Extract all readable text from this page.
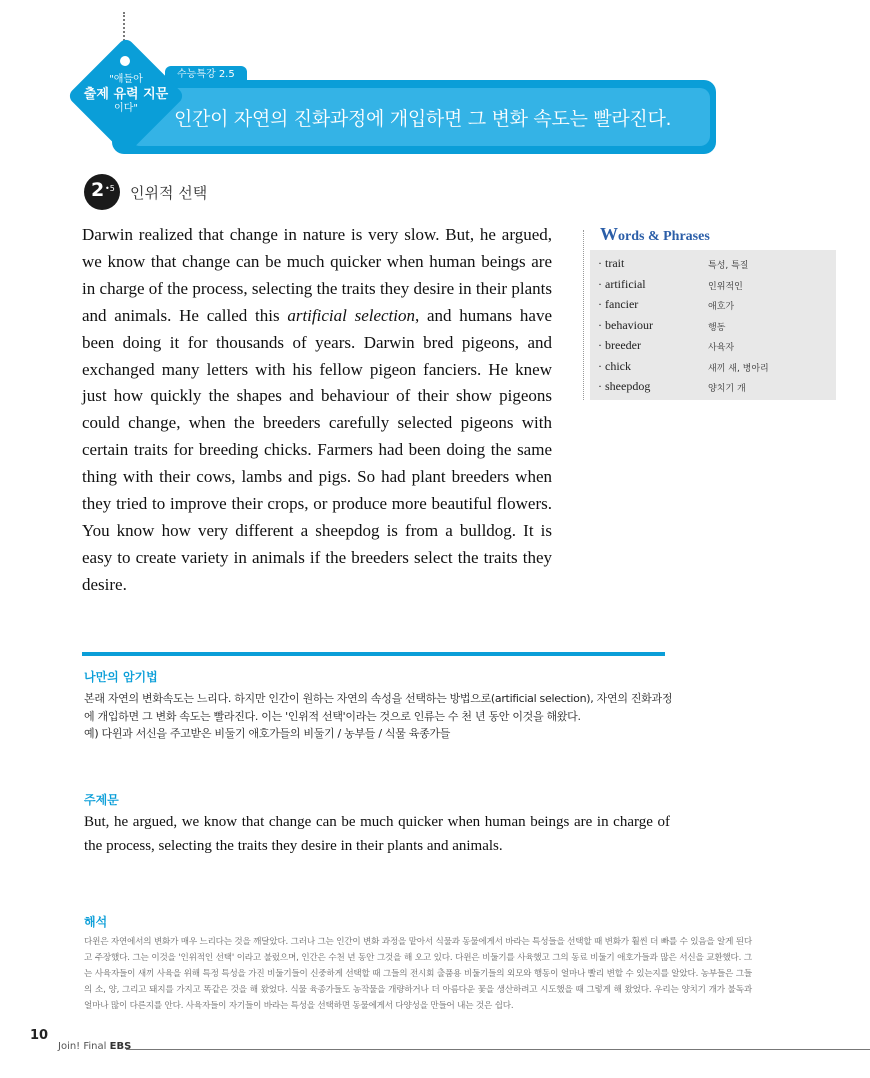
"애들아
출제 유력 지문
이다"
수능특강 2.5
인간이 자연의 진화과정에 개입하면 그 변화 속도는 빨라진다.
2 •5 인위적 선택

Darwin realized that change in nature is very slow. But, he argued, we know that change can be much quicker when human beings are in charge of the process, selecting the traits they desire in their plants and animals. He called this artificial selection, and humans have been doing it for thousands of years. Darwin bred pigeons, and exchanged many letters with his fellow pigeon fanciers. He knew just how quickly the shapes and behaviour of their show pigeons could change, when the breeders carefully selected pigeons with certain traits for breeding chicks. Farmers had been doing the same thing with their cows, lambs and pigs. So had plant breeders when they tried to improve their crops, or produce more beautiful flowers. You know how very different a sheepdog is from a bulldog. It is easy to create variety in animals if the breeders select the traits they desire.

Words & Phrases
· trait	특성, 특질
· artificial	인위적인
· fancier	애호가
· behaviour	행동
· breeder	사육자
· chick	새끼 새, 병아리
· sheepdog	양치기 개
나만의 암기법

본래 자연의 변화속도는 느리다. 하지만 인간이 원하는 자연의 속성을 선택하는 방법으로(artificial selection), 자연의 진화과정에 개입하면 그 변화 속도는 빨라진다. 이는 '인위적 선택'이라는 것으로 인류는 수 천 년 동안 이것을 해왔다.

예) 다윈과 서신을 주고받은 비둘기 애호가들의 비둘기 / 농부들 / 식물 육종가들
주제문

But, he argued, we know that change can be much quicker when human beings are in charge of the process, selecting the traits they desire in their plants and animals.

해석

다윈은 자연에서의 변화가 매우 느리다는 것을 깨달았다. 그러나 그는 인간이 변화 과정을 맡아서 식물과 동물에게서 바라는 특성들을 선택할 때 변화가 훨씬 더 빠를 수 있음을 알게 된다고 주장했다. 그는 이것을 '인위적인 선택' 이라고 불렀으며, 인간은 수천 년 동안 그것을 해 오고 있다. 다윈은 비둘기를 사육했고 그의 동료 비둘기 애호가들과 많은 서신을 교환했다. 그는 사육자들이 새끼 사육을 위해 특정 특성을 가진 비둘기들이 신중하게 선택할 때 그들의 전시회 출품용 비둘기들의 외모와 행동이 얼마나 빨리 변할 수 있는지를 알았다. 농부들은 그들의 소, 양, 그리고 돼지를 가지고 똑같은 것을 해 왔었다. 식물 육종가들도 농작물을 개량하거나 더 아름다운 꽃을 생산하려고 시도했을 때 그렇게 해 왔었다. 우리는 양치기 개가 불독과 얼마나 많이 다른지를 안다. 사육자들이 자기들이 바라는 특성을 선택하면 동물에게서 다양성을 만들어 내는 것은 쉽다.

10
Join! Final EBS
